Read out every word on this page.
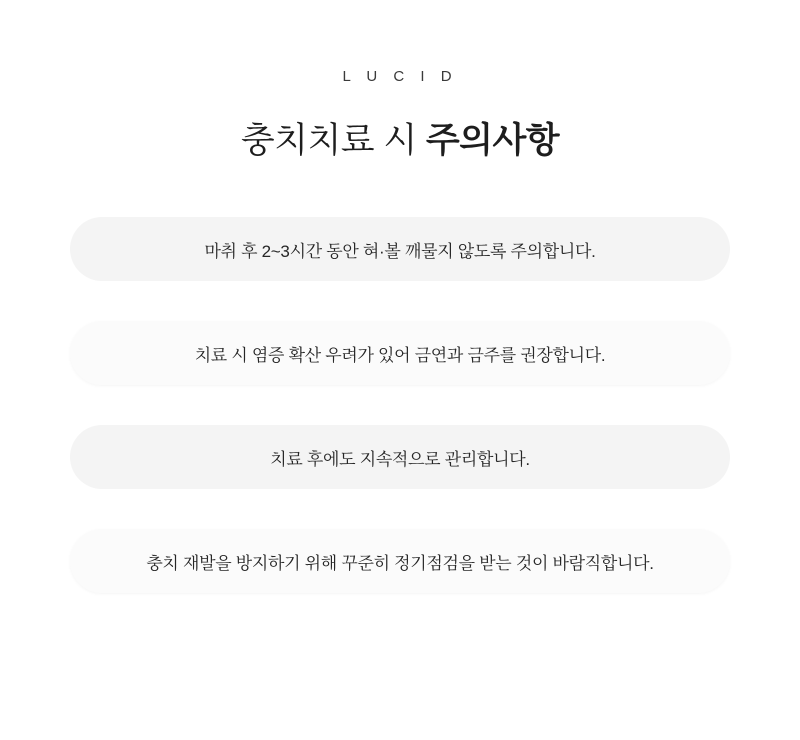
L U C I D
충치치료 시 주의사항
마취 후 2~3시간 동안 혀·볼 깨물지 않도록 주의합니다.
치료 시 염증 확산 우려가 있어 금연과 금주를 권장합니다.
치료 후에도 지속적으로 관리합니다.
충치 재발을 방지하기 위해 꾸준히 정기점검을 받는 것이 바람직합니다.
